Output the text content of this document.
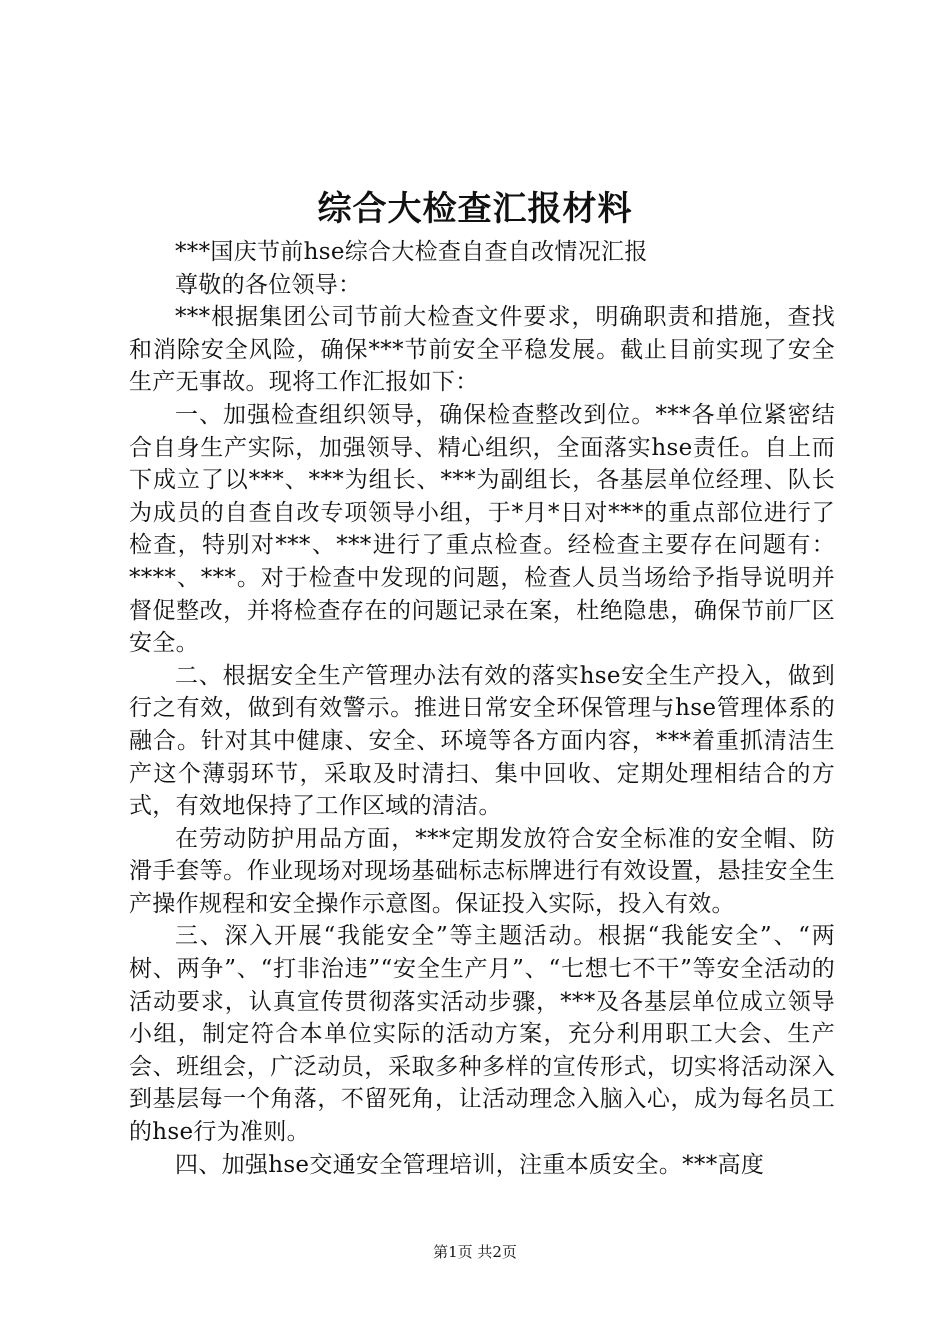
综合大检查汇报材料

***国庆节前hse综合大检查自查自改情况汇报

尊敬的各位领导：

***根据集团公司节前大检查文件要求，明确职责和措施，查找和消除安全风险，确保***节前安全平稳发展。截止目前实现了安全生产无事故。现将工作汇报如下：

一、加强检查组织领导，确保检查整改到位。***各单位紧密结合自身生产实际，加强领导、精心组织，全面落实hse责任。自上而下成立了以***、***为组长、***为副组长，各基层单位经理、队长为成员的自查自改专项领导小组，于*月*日对***的重点部位进行了检查，特别对***、***进行了重点检查。经检查主要存在问题有：****、***。对于检查中发现的问题，检查人员当场给予指导说明并督促整改，并将检查存在的问题记录在案，杜绝隐患，确保节前厂区安全。

二、根据安全生产管理办法有效的落实hse安全生产投入，做到行之有效，做到有效警示。推进日常安全环保管理与hse管理体系的融合。针对其中健康、安全、环境等各方面内容，***着重抓清洁生产这个薄弱环节，采取及时清扫、集中回收、定期处理相结合的方式，有效地保持了工作区域的清洁。

在劳动防护用品方面，***定期发放符合安全标准的安全帽、防滑手套等。作业现场对现场基础标志标牌进行有效设置，悬挂安全生产操作规程和安全操作示意图。保证投入实际，投入有效。

三、深入开展“我能安全”等主题活动。根据“我能安全”、“两树、两争”、“打非治违”“安全生产月”、“七想七不干”等安全活动的活动要求，认真宣传贯彻落实活动步骤，***及各基层单位成立领导小组，制定符合本单位实际的活动方案，充分利用职工大会、生产会、班组会，广泛动员，采取多种多样的宣传形式，切实将活动深入到基层每一个角落，不留死角，让活动理念入脑入心，成为每名员工的hse行为准则。

四、加强hse交通安全管理培训，注重本质安全。***高度

第1页 共2页
